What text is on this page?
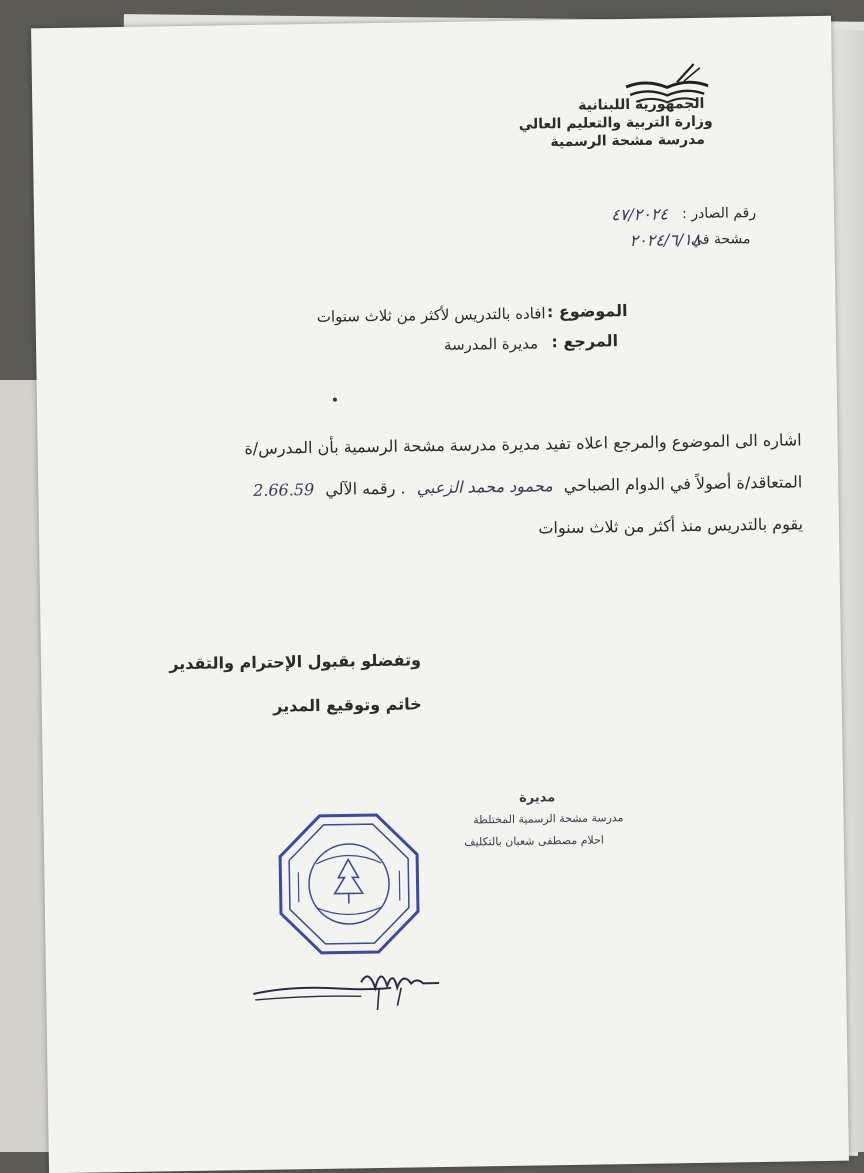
الجمهورية اللبنانية
وزارة التربية والتعليم العالي
مدرسة مشحة الرسمية
رقم الصادر :
٤٧/٢٠٢٤
مشحة في
٢٠٢٤/٦/١٨
الموضوع :
افاده بالتدريس لأكثر من ثلاث سنوات
المرجع :
مديرة المدرسة
اشاره الى الموضوع والمرجع اعلاه تفيد مديرة مدرسة مشحة الرسمية بأن المدرس/ة
المتعاقد/ة أصولاً في الدوام الصباحي محمود محمد الزعبي . رقمه الآلي 2.66.59
يقوم بالتدريس منذ أكثر من ثلاث سنوات
وتفضلو بقبول الإحترام والتقدير
خاتم وتوقيع المدير
مديرة
مدرسة مشحة الرسمية المختلطة
احلام مصطفى شعبان بالتكليف
